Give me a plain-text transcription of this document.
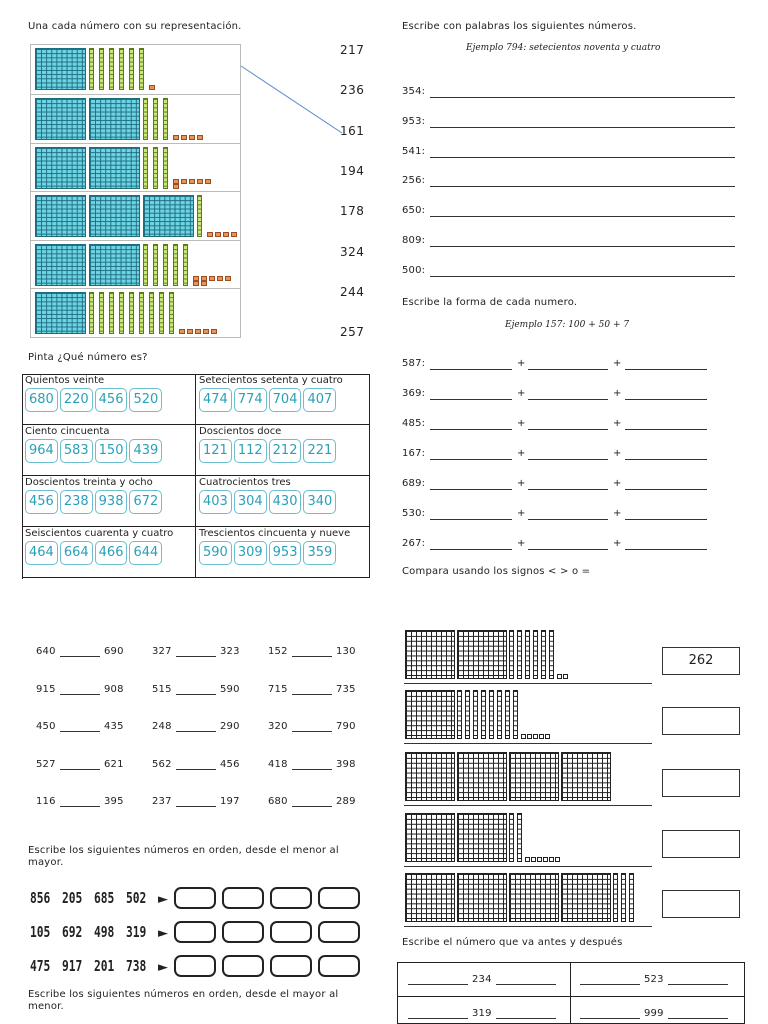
Una cada número con su representación.
217
236
161
194
178
324
244
257
Escribe con palabras los siguientes números.
Ejemplo 794: setecientos noventa y cuatro
354:
953:
541:
256:
650:
809:
500:
Escribe la forma de cada numero.
Ejemplo 157: 100 + 50 + 7
587:	+	+
369:	+	+
485:	+	+
167:	+	+
689:	+	+
530:	+	+
267:	+	+
Pinta ¿Qué número es?
Quientos veinte
680 220 456 520
Setecientos setenta y cuatro
474 774 704 407
Ciento cincuenta
964 583 150 439
Doscientos doce
121 112 212 221
Doscientos treinta y ocho
456 238 938 672
Cuatrocientos tres
403 304 430 340
Seiscientos cuarenta y cuatro
464 664 466 644
Trescientos cincuenta y nueve
590 309 953 359
Compara usando los signos < > o =
640	690	327	323	152	130
915	908	515	590	715	735
450	435	248	290	320	790
527	621	562	456	418	398
116	395	237	197	680	289
262
Escribe los siguientes números en orden, desde el menor al mayor.
856 205 685 502 ►
105 692 498 319 ►
475 917 201 738 ►
Escribe los siguientes números en orden, desde el mayor al menor.
Escribe el número que va antes y después
234	523
319	999
